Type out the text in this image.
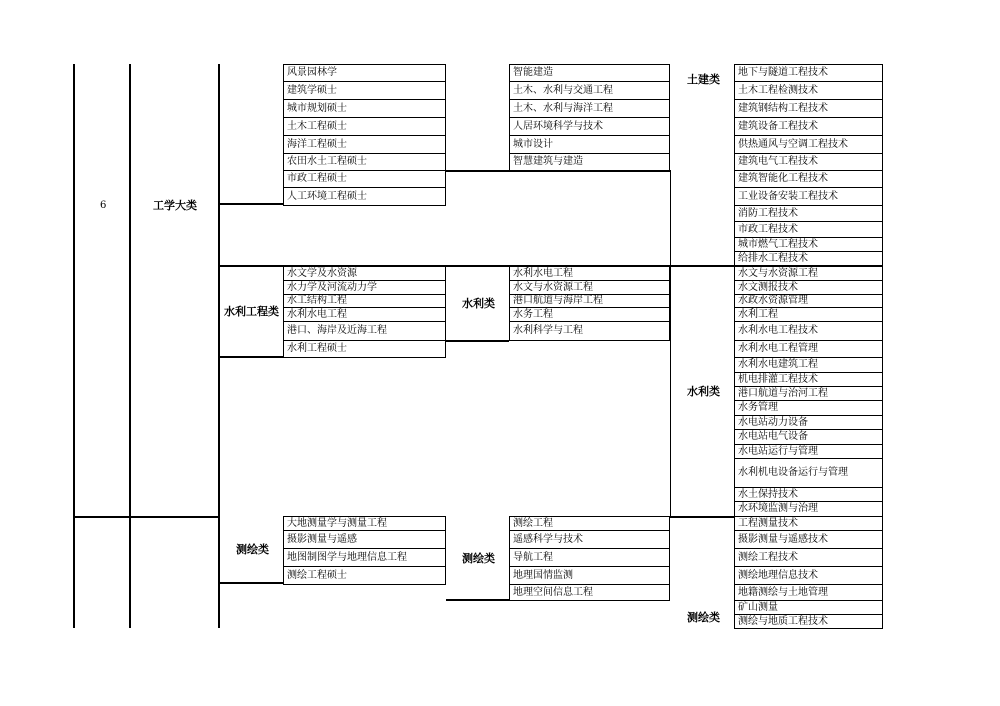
6	工学大类
土建类
水利工程类
水利类
水利类
测绘类
测绘类
测绘类
风景园林学
建筑学硕士
城市规划硕士
土木工程硕士
海洋工程硕士
农田水土工程硕士
市政工程硕士
人工环境工程硕士
智能建造
土木、水利与交通工程
土木、水利与海洋工程
人居环境科学与技术
城市设计
智慧建筑与建造
地下与隧道工程技术
土木工程检测技术
建筑钢结构工程技术
建筑设备工程技术
供热通风与空调工程技术
建筑电气工程技术
建筑智能化工程技术
工业设备安装工程技术
消防工程技术
市政工程技术
城市燃气工程技术
给排水工程技术
水文学及水资源
水力学及河流动力学
水工结构工程
水利水电工程
港口、海岸及近海工程
水利工程硕士
水利水电工程
水文与水资源工程
港口航道与海岸工程
水务工程
水利科学与工程
水文与水资源工程
水文测报技术
水政水资源管理
水利工程
水利水电工程技术
水利水电工程管理
水利水电建筑工程
机电排灌工程技术
港口航道与治河工程
水务管理
水电站动力设备
水电站电气设备
水电站运行与管理
水利机电设备运行与管理
水土保持技术
水环境监测与治理
大地测量学与测量工程
摄影测量与遥感
地图制图学与地理信息工程
测绘工程硕士
测绘工程
遥感科学与技术
导航工程
地理国情监测
地理空间信息工程
工程测量技术
摄影测量与遥感技术
测绘工程技术
测绘地理信息技术
地籍测绘与土地管理
矿山测量
测绘与地质工程技术
